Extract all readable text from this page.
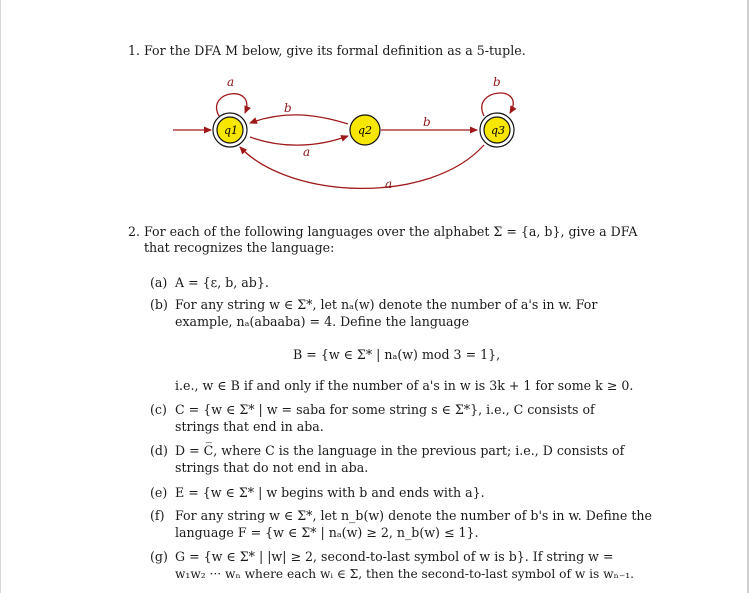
1. For the DFA M below, give its formal definition as a 5-tuple.
q1	q2	q3
a
b
a
b
b
a
2. For each of the following languages over the alphabet Σ = {a, b}, give a DFA
that recognizes the language:
(a) A = {ε, b, ab}.
(b) For any string w ∈ Σ*, let nₐ(w) denote the number of a's in w. For
example, nₐ(abaaba) = 4. Define the language
B = {w ∈ Σ* | nₐ(w) mod 3 = 1},
i.e., w ∈ B if and only if the number of a's in w is 3k + 1 for some k ≥ 0.
(c) C = {w ∈ Σ* | w = saba for some string s ∈ Σ*}, i.e., C consists of
strings that end in aba.
(d) D = C̅, where C is the language in the previous part; i.e., D consists of
strings that do not end in aba.
(e) E = {w ∈ Σ* | w begins with b and ends with a}.
(f) For any string w ∈ Σ*, let n_b(w) denote the number of b's in w. Define the
language F = {w ∈ Σ* | nₐ(w) ≥ 2, n_b(w) ≤ 1}.
(g) G = {w ∈ Σ* | |w| ≥ 2, second-to-last symbol of w is b}. If string w =
w₁w₂ ··· wₙ where each wᵢ ∈ Σ, then the second-to-last symbol of w is wₙ₋₁.
